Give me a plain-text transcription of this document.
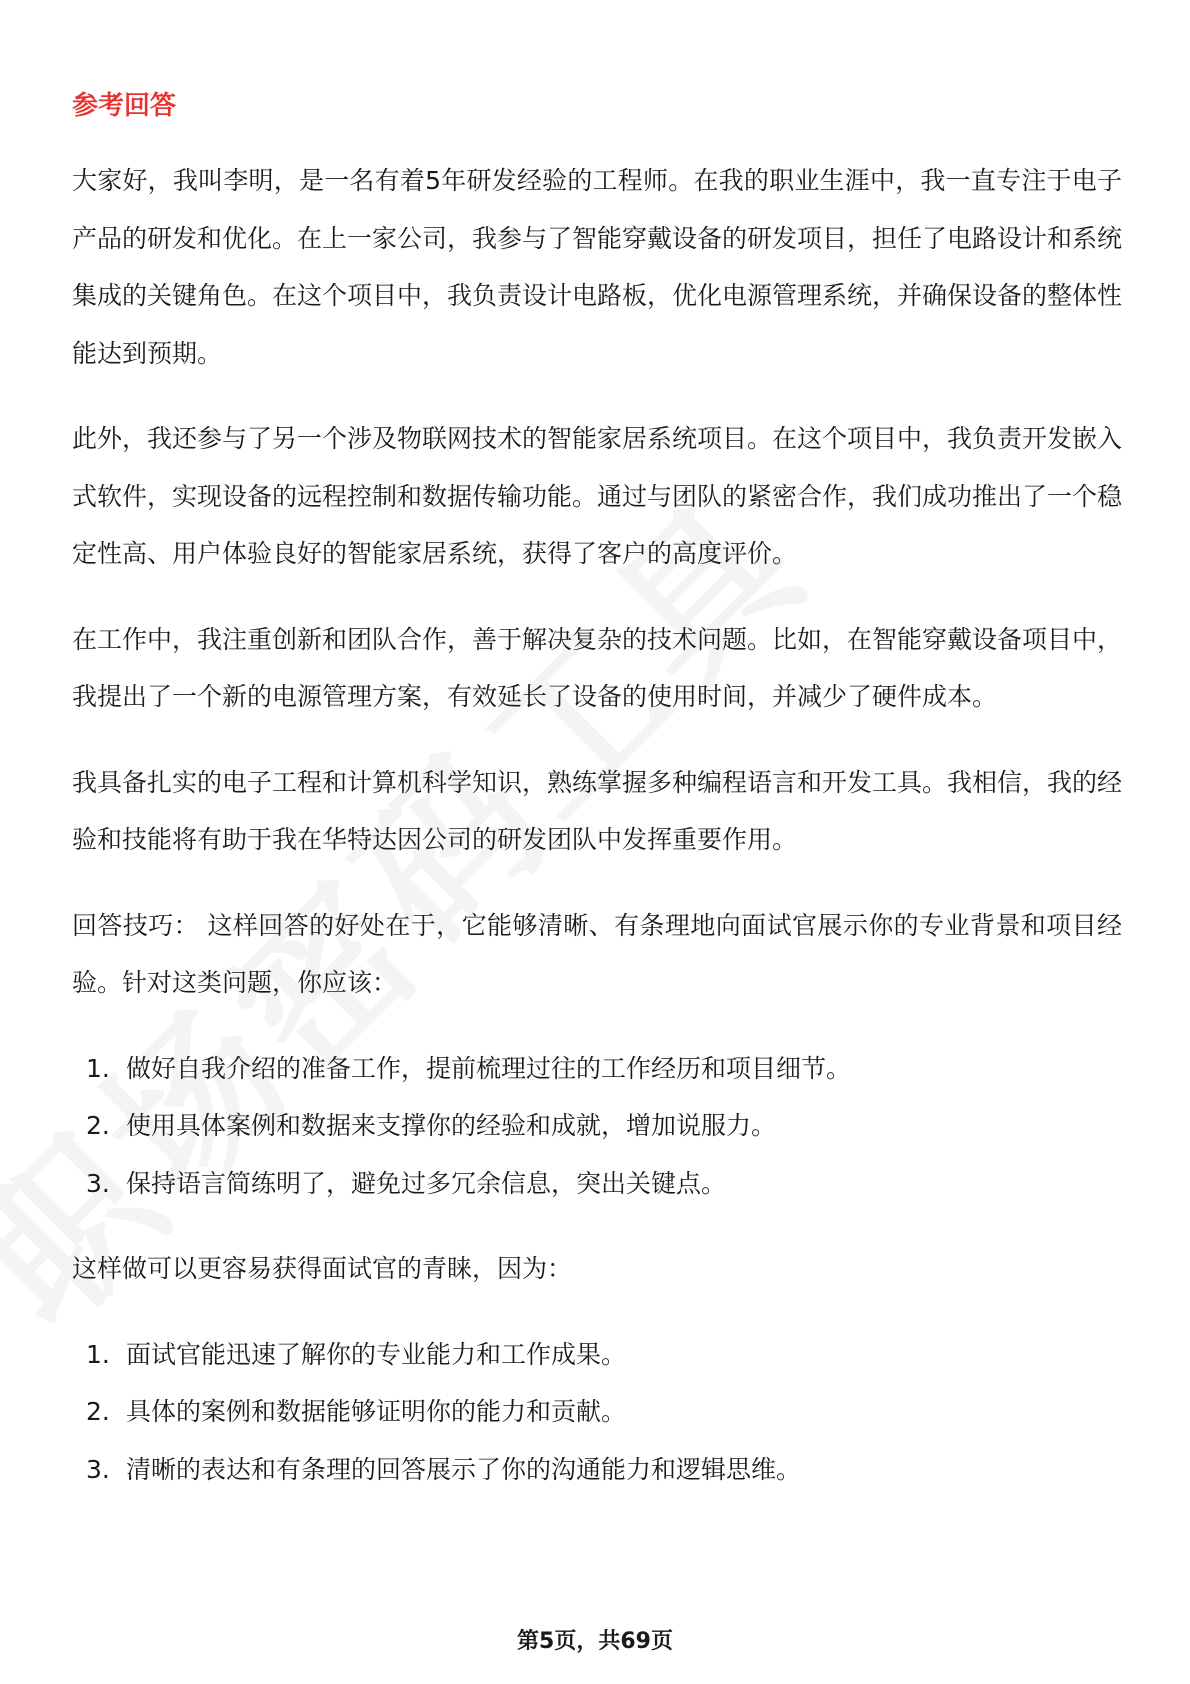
参考回答

大家好，我叫李明，是一名有着5年研发经验的工程师。在我的职业生涯中，我一直专注于电子产品的研发和优化。在上一家公司，我参与了智能穿戴设备的研发项目，担任了电路设计和系统集成的关键角色。在这个项目中，我负责设计电路板，优化电源管理系统，并确保设备的整体性能达到预期。

此外，我还参与了另一个涉及物联网技术的智能家居系统项目。在这个项目中，我负责开发嵌入式软件，实现设备的远程控制和数据传输功能。通过与团队的紧密合作，我们成功推出了一个稳定性高、用户体验良好的智能家居系统，获得了客户的高度评价。

在工作中，我注重创新和团队合作，善于解决复杂的技术问题。比如，在智能穿戴设备项目中，我提出了一个新的电源管理方案，有效延长了设备的使用时间，并减少了硬件成本。

我具备扎实的电子工程和计算机科学知识，熟练掌握多种编程语言和开发工具。我相信，我的经验和技能将有助于我在华特达因公司的研发团队中发挥重要作用。

回答技巧： 这样回答的好处在于，它能够清晰、有条理地向面试官展示你的专业背景和项目经验。针对这类问题，你应该：

1. 做好自我介绍的准备工作，提前梳理过往的工作经历和项目细节。
2. 使用具体案例和数据来支撑你的经验和成就，增加说服力。
3. 保持语言简练明了，避免过多冗余信息，突出关键点。

这样做可以更容易获得面试官的青睐，因为：

1. 面试官能迅速了解你的专业能力和工作成果。
2. 具体的案例和数据能够证明你的能力和贡献。
3. 清晰的表达和有条理的回答展示了你的沟通能力和逻辑思维。
第5页，共69页
